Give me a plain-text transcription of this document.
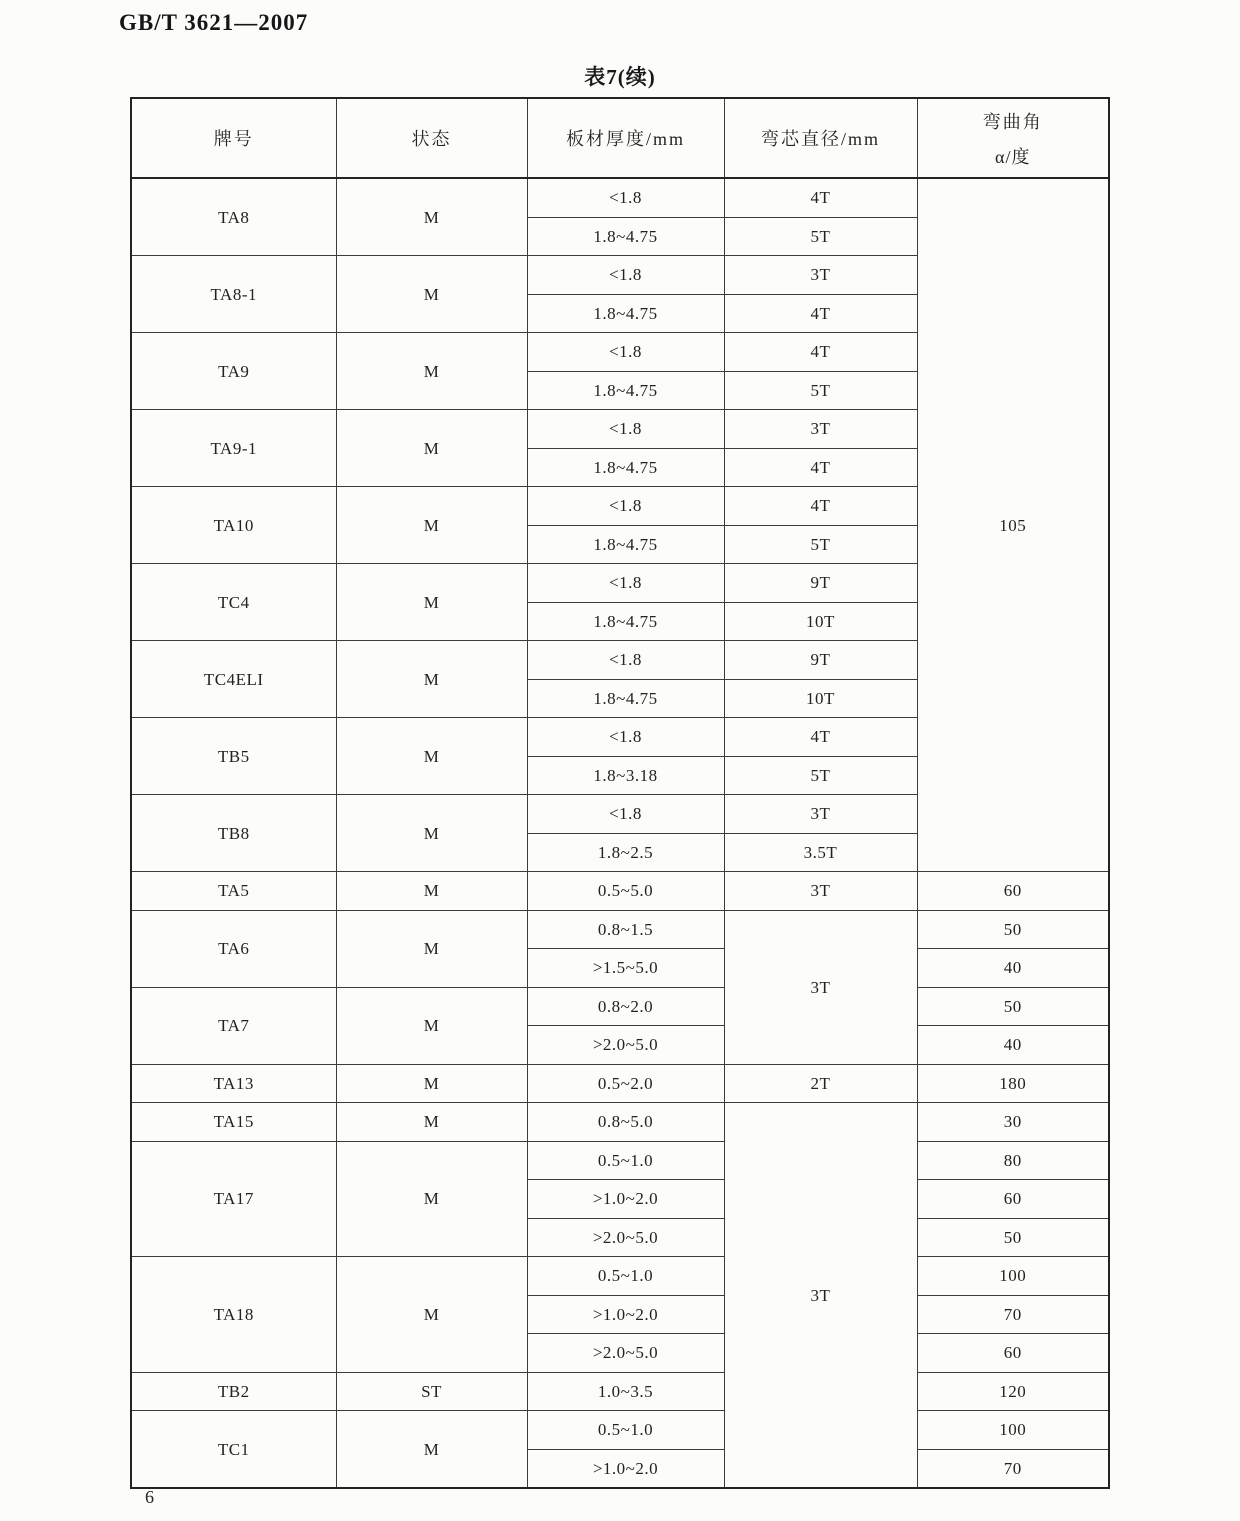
GB/T 3621—2007
表7(续)
牌号	状态	板材厚度/mm	弯芯直径/mm	弯曲角
α/度

TA8	M	<1.8	4T	105
		1.8~4.75	5T	
TA8-1	M	<1.8	3T	
		1.8~4.75	4T	
TA9	M	<1.8	4T	
		1.8~4.75	5T	
TA9-1	M	<1.8	3T	
		1.8~4.75	4T	
TA10	M	<1.8	4T	
		1.8~4.75	5T	
TC4	M	<1.8	9T	
		1.8~4.75	10T	
TC4ELI	M	<1.8	9T	
		1.8~4.75	10T	
TB5	M	<1.8	4T	
		1.8~3.18	5T	
TB8	M	<1.8	3T	
		1.8~2.5	3.5T	
TA5	M	0.5~5.0	3T	60
TA6	M	0.8~1.5	3T	50
		>1.5~5.0		40
TA7	M	0.8~2.0		50
		>2.0~5.0		40
TA13	M	0.5~2.0	2T	180
TA15	M	0.8~5.0	3T	30
TA17	M	0.5~1.0		80
		>1.0~2.0		60
		>2.0~5.0		50
TA18	M	0.5~1.0		100
		>1.0~2.0		70
		>2.0~5.0		60
TB2	ST	1.0~3.5		120
TC1	M	0.5~1.0		100
		>1.0~2.0		70
6
